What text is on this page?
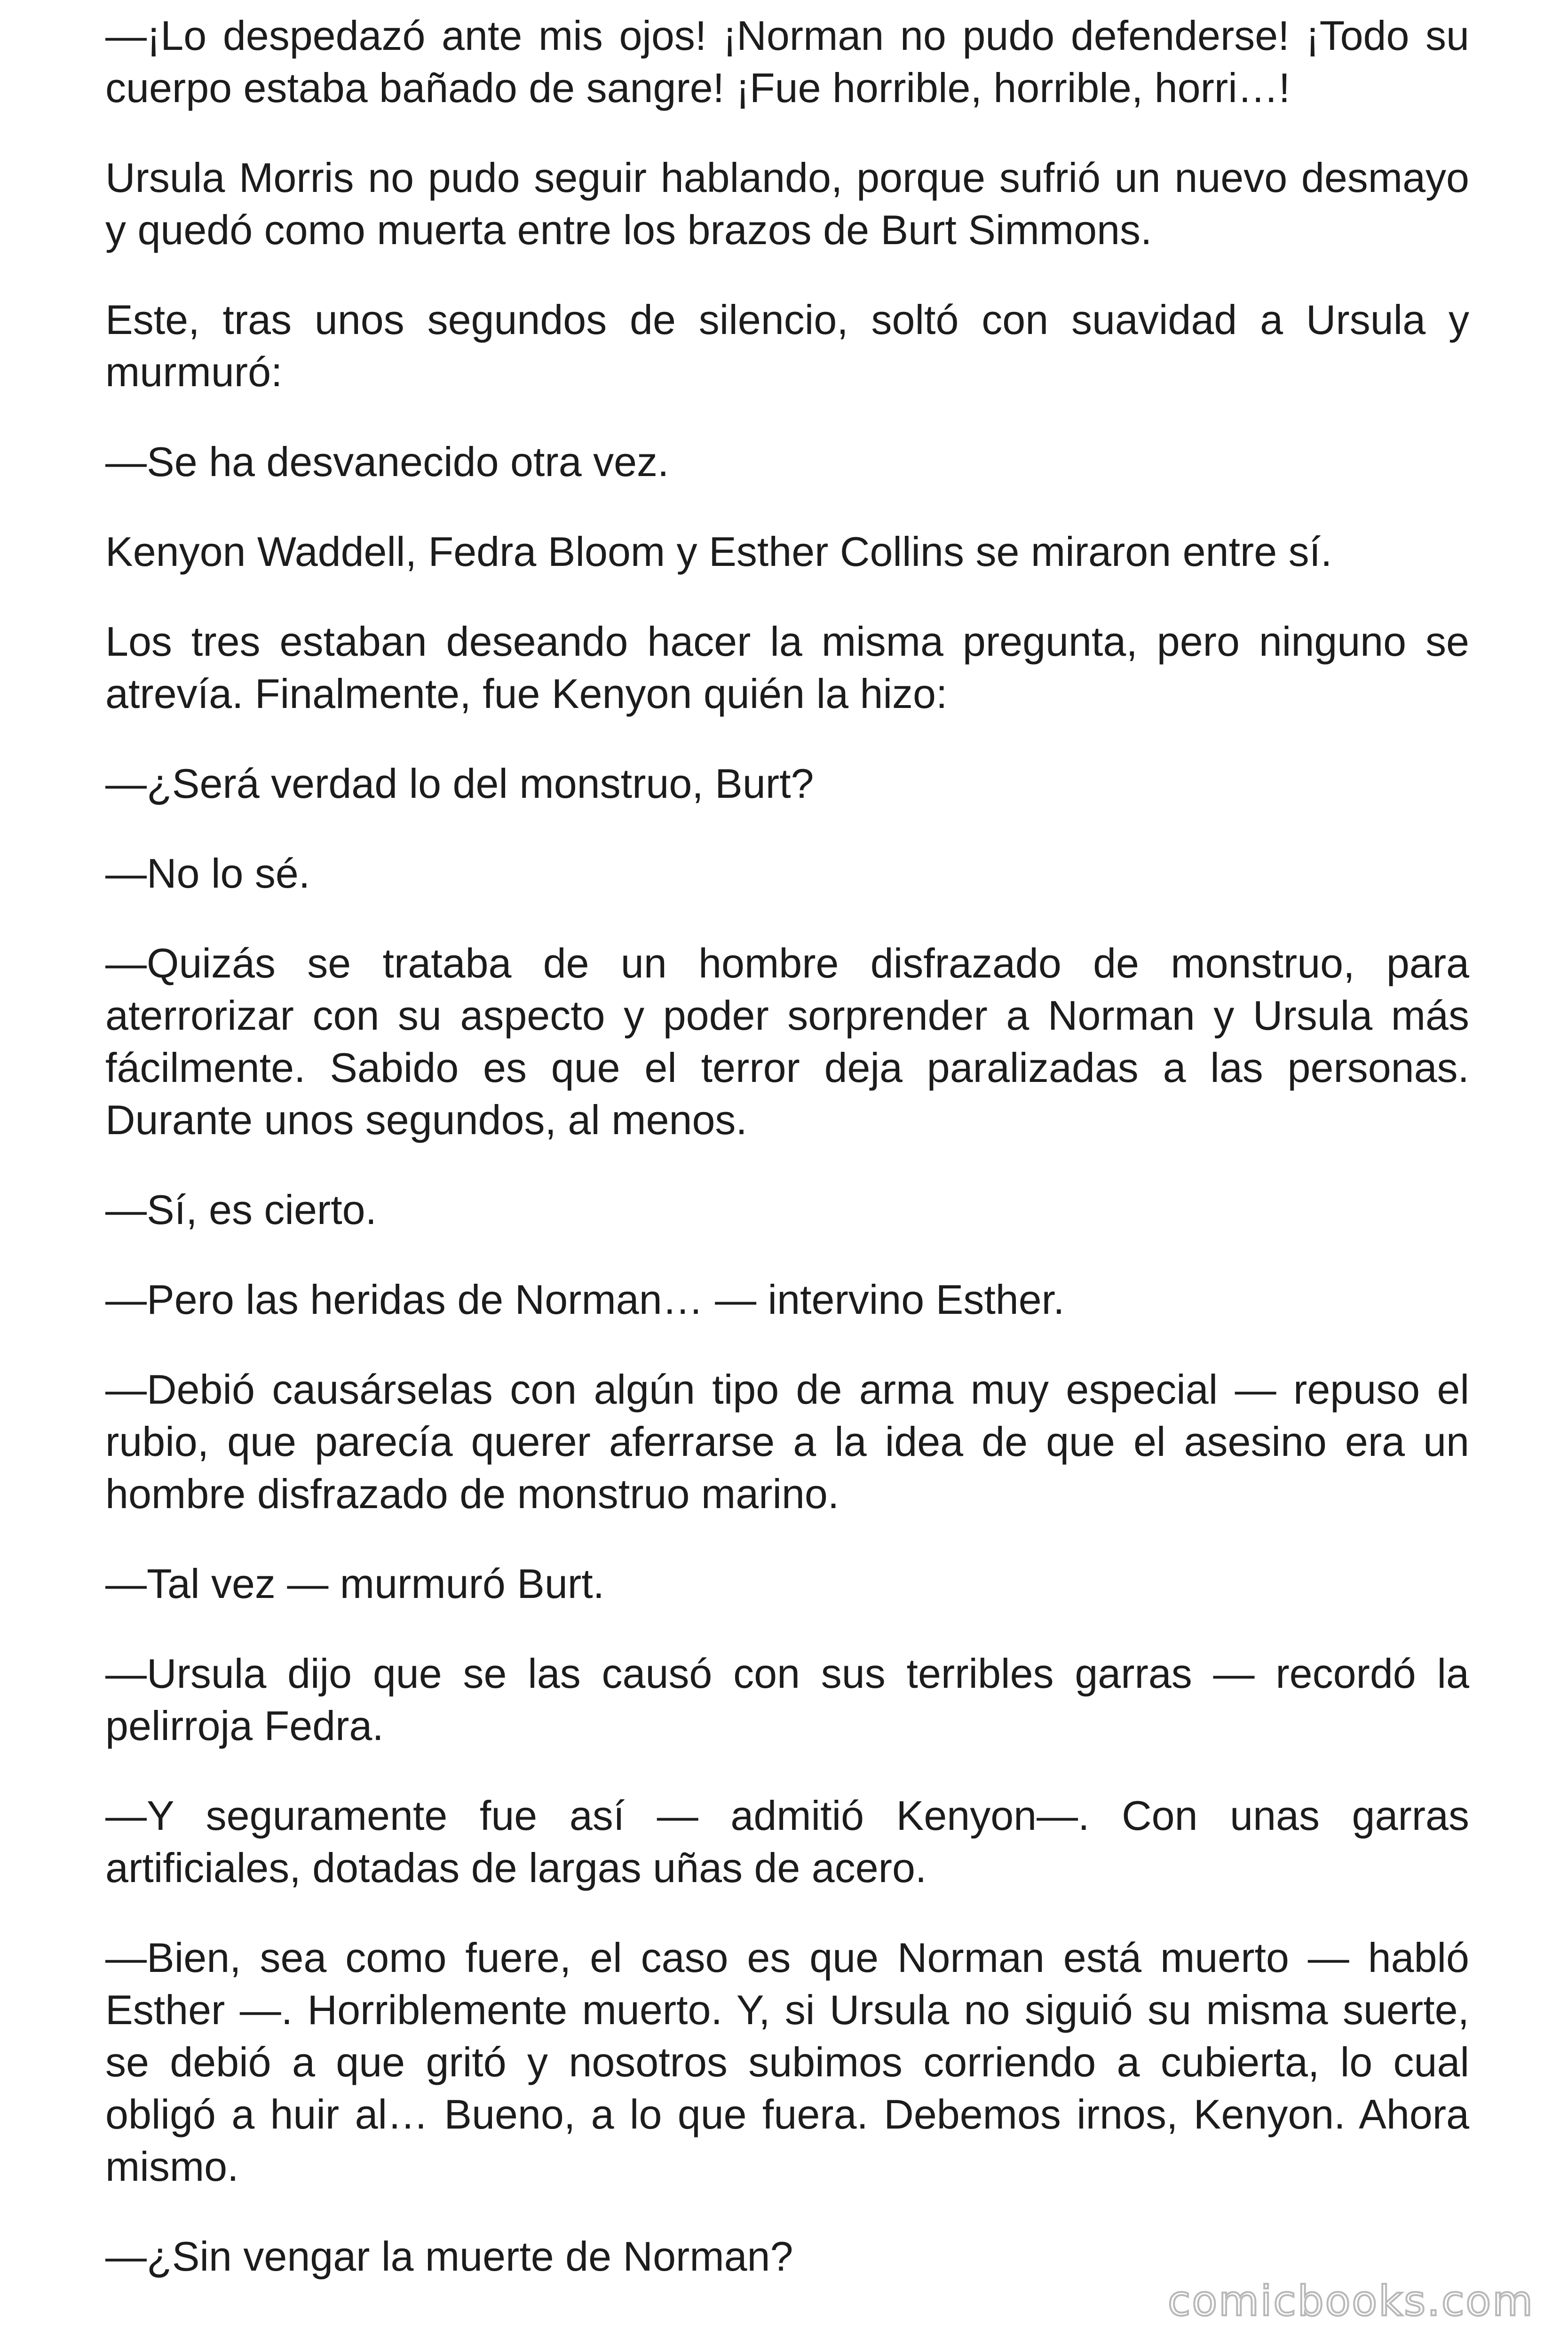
—¡Lo despedazó ante mis ojos! ¡Norman no pudo defenderse! ¡Todo su cuerpo estaba bañado de sangre! ¡Fue horrible, horrible, horri…!

Ursula Morris no pudo seguir hablando, porque sufrió un nuevo desmayo y quedó como muerta entre los brazos de Burt Simmons.

Este, tras unos segundos de silencio, soltó con suavidad a Ursula y murmuró:

—Se ha desvanecido otra vez.

Kenyon Waddell, Fedra Bloom y Esther Collins se miraron entre sí.

Los tres estaban deseando hacer la misma pregunta, pero ninguno se atrevía. Finalmente, fue Kenyon quién la hizo:

—¿Será verdad lo del monstruo, Burt?

—No lo sé.

—Quizás se trataba de un hombre disfrazado de monstruo, para aterrorizar con su aspecto y poder sorprender a Norman y Ursula más fácilmente. Sabido es que el terror deja paralizadas a las personas. Durante unos segundos, al menos.

—Sí, es cierto.

—Pero las heridas de Norman… — intervino Esther.

—Debió causárselas con algún tipo de arma muy especial — repuso el rubio, que parecía querer aferrarse a la idea de que el asesino era un hombre disfrazado de monstruo marino.

—Tal vez — murmuró Burt.

—Ursula dijo que se las causó con sus terribles garras — recordó la pelirroja Fedra.

—Y seguramente fue así — admitió Kenyon—. Con unas garras artificiales, dotadas de largas uñas de acero.

—Bien, sea como fuere, el caso es que Norman está muerto — habló Esther —. Horriblemente muerto. Y, si Ursula no siguió su misma suerte, se debió a que gritó y nosotros subimos corriendo a cubierta, lo cual obligó a huir al… Bueno, a lo que fuera. Debemos irnos, Kenyon. Ahora mismo.

—¿Sin vengar la muerte de Norman?

comicbooks.com
